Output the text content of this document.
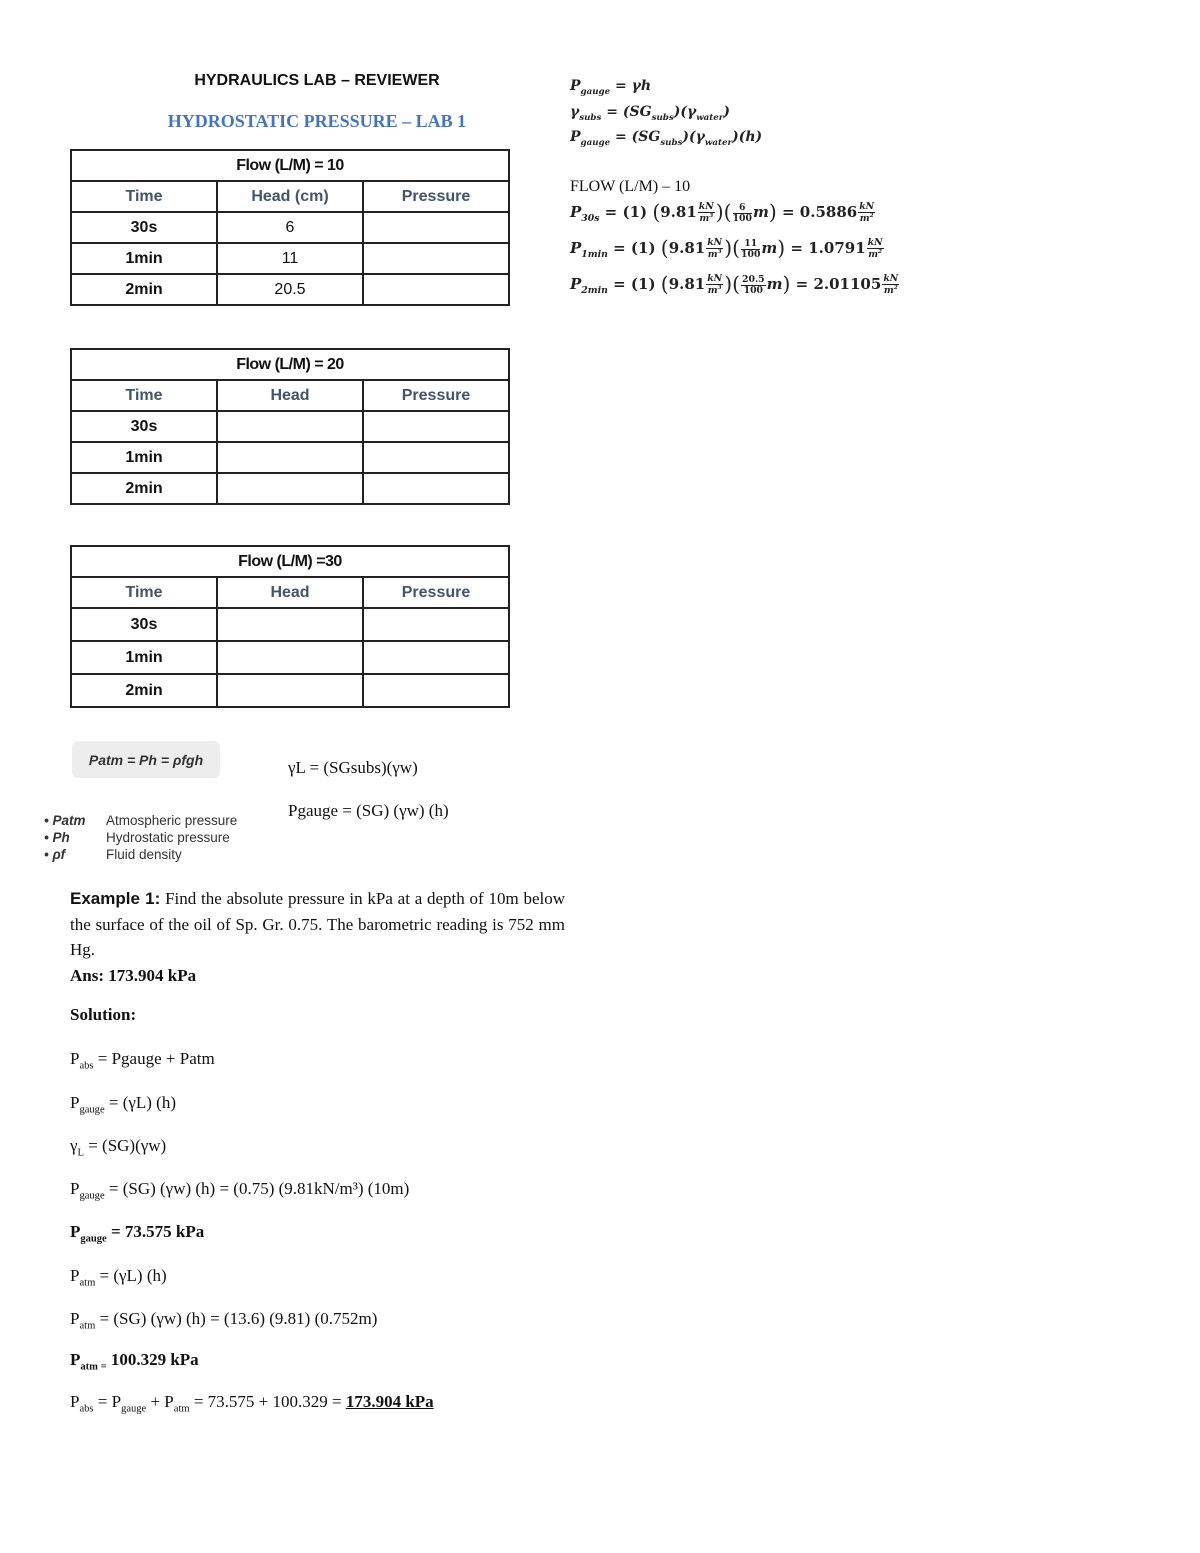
HYDRAULICS LAB – REVIEWER
HYDROSTATIC PRESSURE – LAB 1
Flow (L/M) = 10		
Time	Head (cm)	Pressure
30s	6	
1min	11	
2min	20.5	
Flow (L/M) = 20		
Time	Head	Pressure
30s		
1min		
2min		
Flow (L/M) =30		
Time	Head	Pressure
30s		
1min		
2min		
$P_{gauge} = \gamma h$
$\gamma_{subs} = (SG_{subs})(\gamma_{water})$
$P_{gauge} = (SG_{subs})(\gamma_{water})(h)$
FLOW (L/M) – 10
$P_{30s} = (1)$ ($9.81 \frac{kN}{m^3}$ )( $\frac{6}{100} m) = 0.5886 \frac{kN}{m^2}$
$P_{1min} = (1)$ ($9.81 \frac{kN}{m^3}$ )( $\frac{11}{100} m) = 1.0791 \frac{kN}{m^2}$
$P_{2min} = (1)$ ($9.81 \frac{kN}{m^3}$ )( $\frac{20.5}{100} m) = 2.01105 \frac{kN}{m^2}$
Patm = Ph = ρfgh
• Patm	Atmospheric pressure
• Ph	Hydrostatic pressure
• ρf	Fluid density
γL = (SGsubs)(γw)
Pgauge = (SG) (γw) (h)
Example 1: Find the absolute pressure in kPa at a depth of 10m below the surface of the oil of Sp. Gr. 0.75. The barometric reading is 752 mm Hg.
Ans: 173.904 kPa
Solution:
$P_{abs}$ = Pgauge + Patm
$P_{gauge} = (\gamma L)$ (h)
$\gamma_L = (SG)(\gamma w)$
$P_{gauge} = (SG)$ (γw) (h) = (0.75) (9.81kN/m³) (10m)
$P_{gauge} = 73.575$ kPa
$P_{atm} = (\gamma L)$ (h)
$P_{atm} = (SG)$ (γw) (h) = (13.6) (9.81) (0.752m)
$P_{atm =}$ 100.329 kPa
$P_{abs} = P_{gauge} + P_{atm} = 73.575 + 100.329 = 173.904$ kPa
